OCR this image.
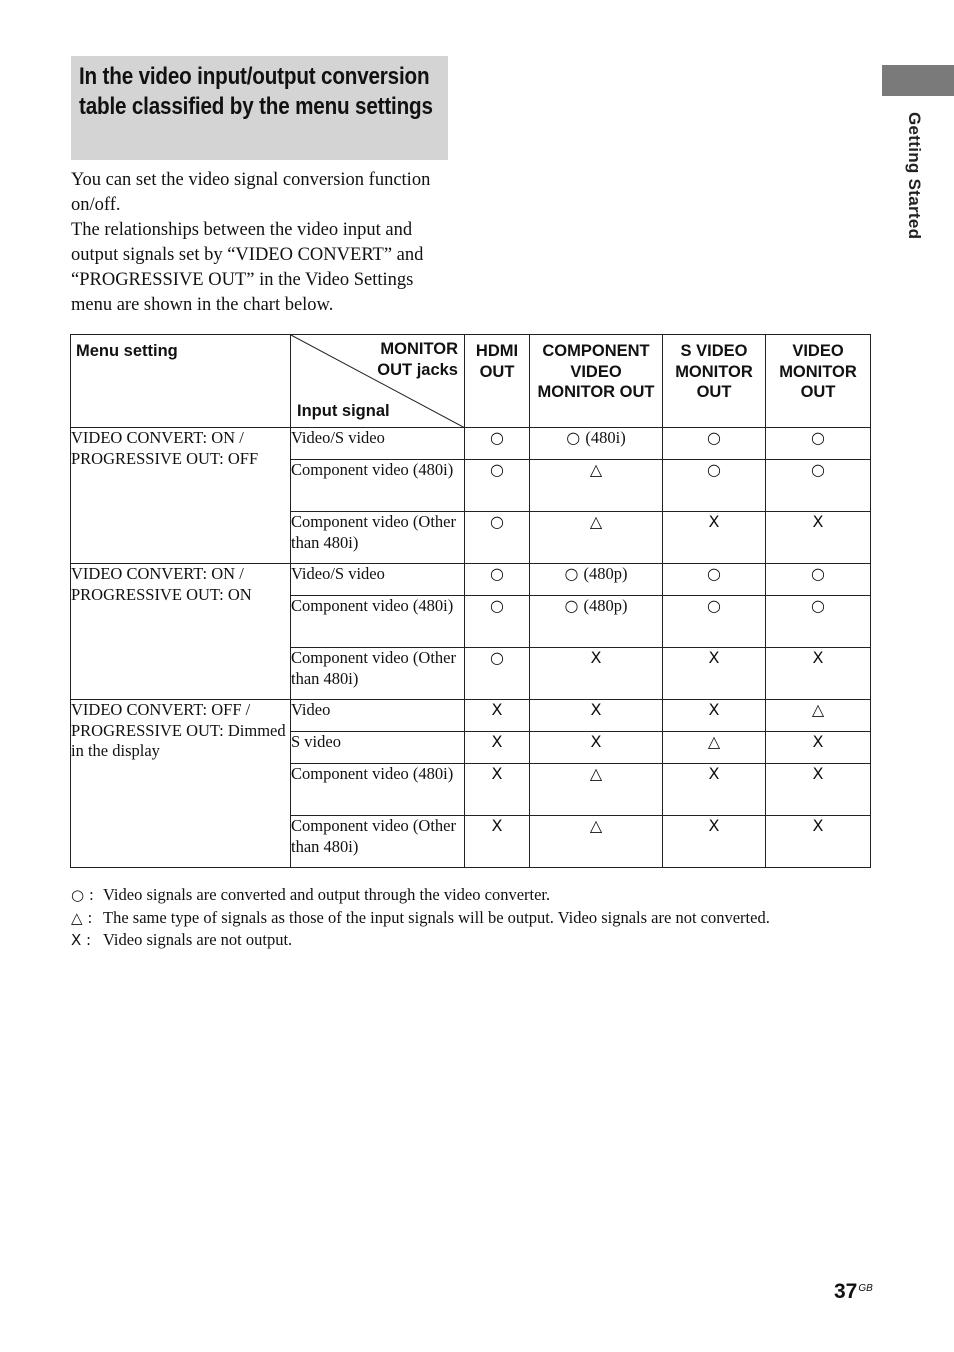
In the video input/output conversion table classified by the menu settings

You can set the video signal conversion function on/off.

The relationships between the video input and output signals set by “VIDEO CONVERT” and “PROGRESSIVE OUT” in the Video Settings menu are shown in the chart below.

Getting Started
Menu setting	MONITOR OUT jacks
Input signal	HDMI OUT	COMPONENT VIDEO MONITOR OUT	S VIDEO MONITOR OUT	VIDEO MONITOR OUT
VIDEO CONVERT: ON / PROGRESSIVE OUT: OFF	Video/S video	○	○ (480i)	○	○
	Component video (480i)	○	△	○	○
	Component video (Other than 480i)	○	△	X	X
VIDEO CONVERT: ON / PROGRESSIVE OUT: ON	Video/S video	○	○ (480p)	○	○
	Component video (480i)	○	○ (480p)	○	○
	Component video (Other than 480i)	○	X	X	X
VIDEO CONVERT: OFF / PROGRESSIVE OUT: Dimmed in the display	Video	X	X	X	△
	S video	X	X	△	X
	Component video (480i)	X	△	X	X
	Component video (Other than 480i)	X	△	X	X
○ : Video signals are converted and output through the video converter.
△ : The same type of signals as those of the input signals will be output. Video signals are not converted.
X : Video signals are not output.
$37^{GB}$
